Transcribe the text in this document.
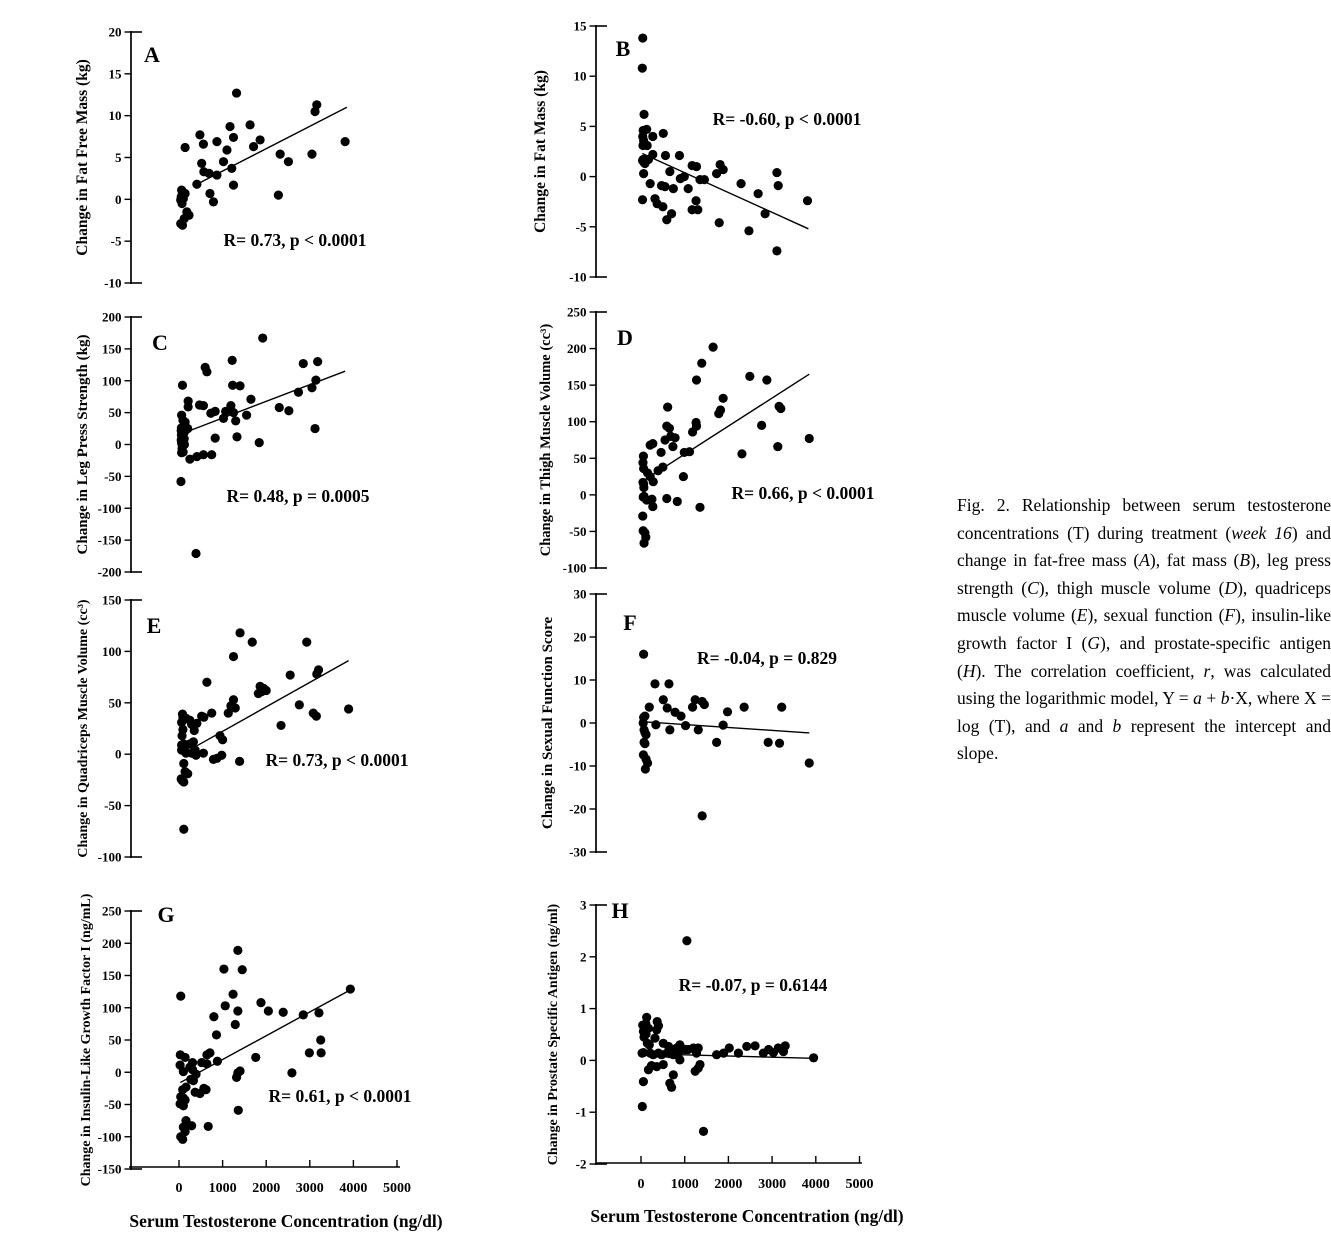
20
15
10
5
0
-5
-10
Change in Fat Free Mass (kg)
A
R= 0.73, p < 0.0001
15
10
5
0
-5
-10
Change in Fat Mass (kg)
B
R= -0.60, p < 0.0001
200
150
100
50
0
-50
-100
-150
-200
Change in Leg Press Strength (kg)	C
R= 0.48, p = 0.0005
250
200
150
100
50
0
-50
-100
Change in Thigh Muscle Volume (cc³)	D
R= 0.66, p < 0.0001
150
100
50
0
-50
-100
Change in Quadriceps Muscle Volume (cc³)	E
R= 0.73, p < 0.0001
30
20
10
0
-10
-20
-30
Change in Sexual Function Score	F
R= -0.04, p = 0.829
250
200
150
100
50
0
-50
-100
-150
Change in Insulin-Like Growth Factor I (ng/mL)	G
R= 0.61, p < 0.0001
3
2
1
0
-1
-2
Change in Prostate Specific Antigen (ng/ml) H
R= -0.07, p = 0.6144
0 1000 2000 3000 4000 5000
Serum Testosterone Concentration (ng/dl)
0 1000 2000 3000 4000 5000
Serum Testosterone Concentration (ng/dl)
Fig. 2. Relationship between serum testosterone concentrations (T) during treatment (week 16) and change in fat-free mass (A), fat mass (B), leg press strength (C), thigh muscle volume (D), quadriceps muscle volume (E), sexual function (F), insulin-like growth factor I (G), and prostate-specific antigen (H). The correlation coefficient, r, was calculated using the logarithmic model, Y = a + b·X, where X = log (T), and a and b represent the intercept and slope.
